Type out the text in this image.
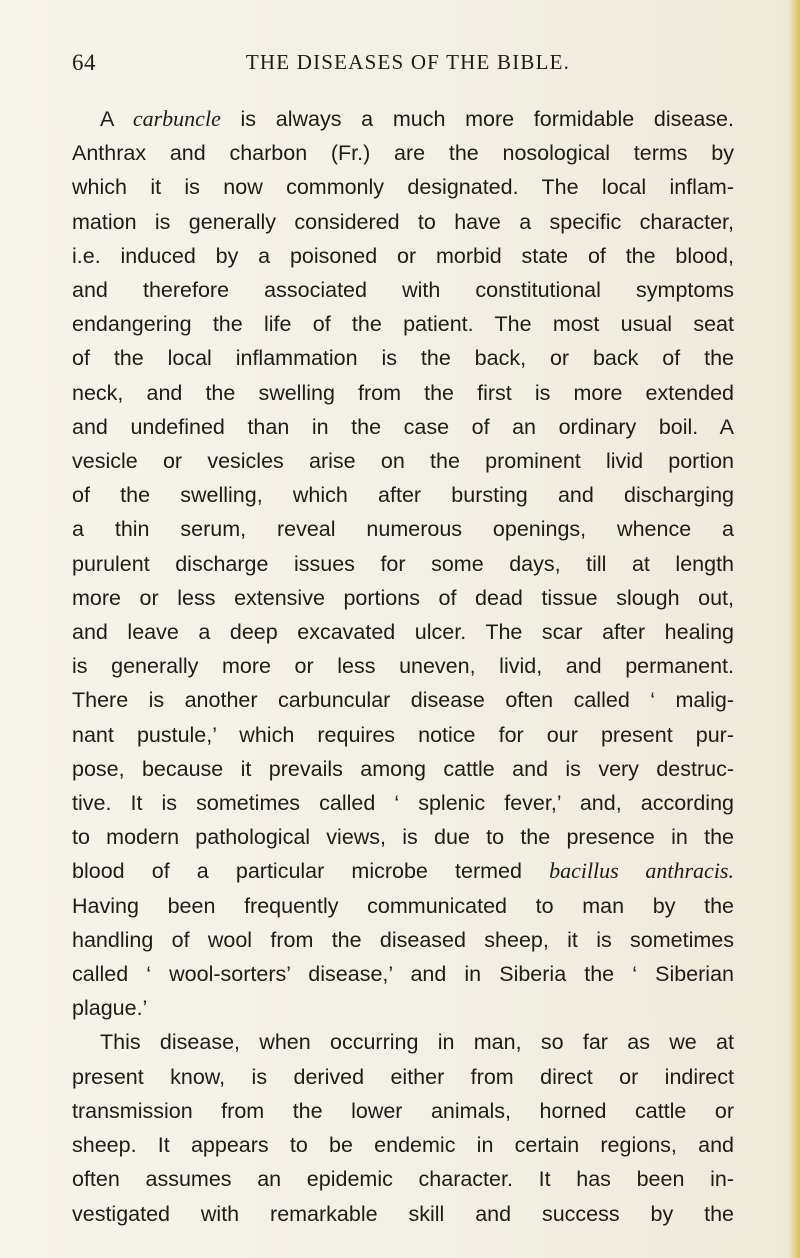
64	THE DISEASES OF THE BIBLE.
A carbuncle is always a much more formidable disease.
Anthrax and charbon (Fr.) are the nosological terms by
which it is now commonly designated. The local inflam-
mation is generally considered to have a specific character,
i.e. induced by a poisoned or morbid state of the blood,
and therefore associated with constitutional symptoms
endangering the life of the patient. The most usual seat
of the local inflammation is the back, or back of the
neck, and the swelling from the first is more extended
and undefined than in the case of an ordinary boil. A
vesicle or vesicles arise on the prominent livid portion
of the swelling, which after bursting and discharging
a thin serum, reveal numerous openings, whence a
purulent discharge issues for some days, till at length
more or less extensive portions of dead tissue slough out,
and leave a deep excavated ulcer. The scar after healing
is generally more or less uneven, livid, and permanent.
There is another carbuncular disease often called ‘ malig-
nant pustule,’ which requires notice for our present pur-
pose, because it prevails among cattle and is very destruc-
tive. It is sometimes called ‘ splenic fever,’ and, according
to modern pathological views, is due to the presence in the
blood of a particular microbe termed bacillus anthracis.
Having been frequently communicated to man by the
handling of wool from the diseased sheep, it is sometimes
called ‘ wool-sorters’ disease,’ and in Siberia the ‘ Siberian
plague.’
This disease, when occurring in man, so far as we at
present know, is derived either from direct or indirect
transmission from the lower animals, horned cattle or
sheep. It appears to be endemic in certain regions, and
often assumes an epidemic character. It has been in-
vestigated with remarkable skill and success by the
